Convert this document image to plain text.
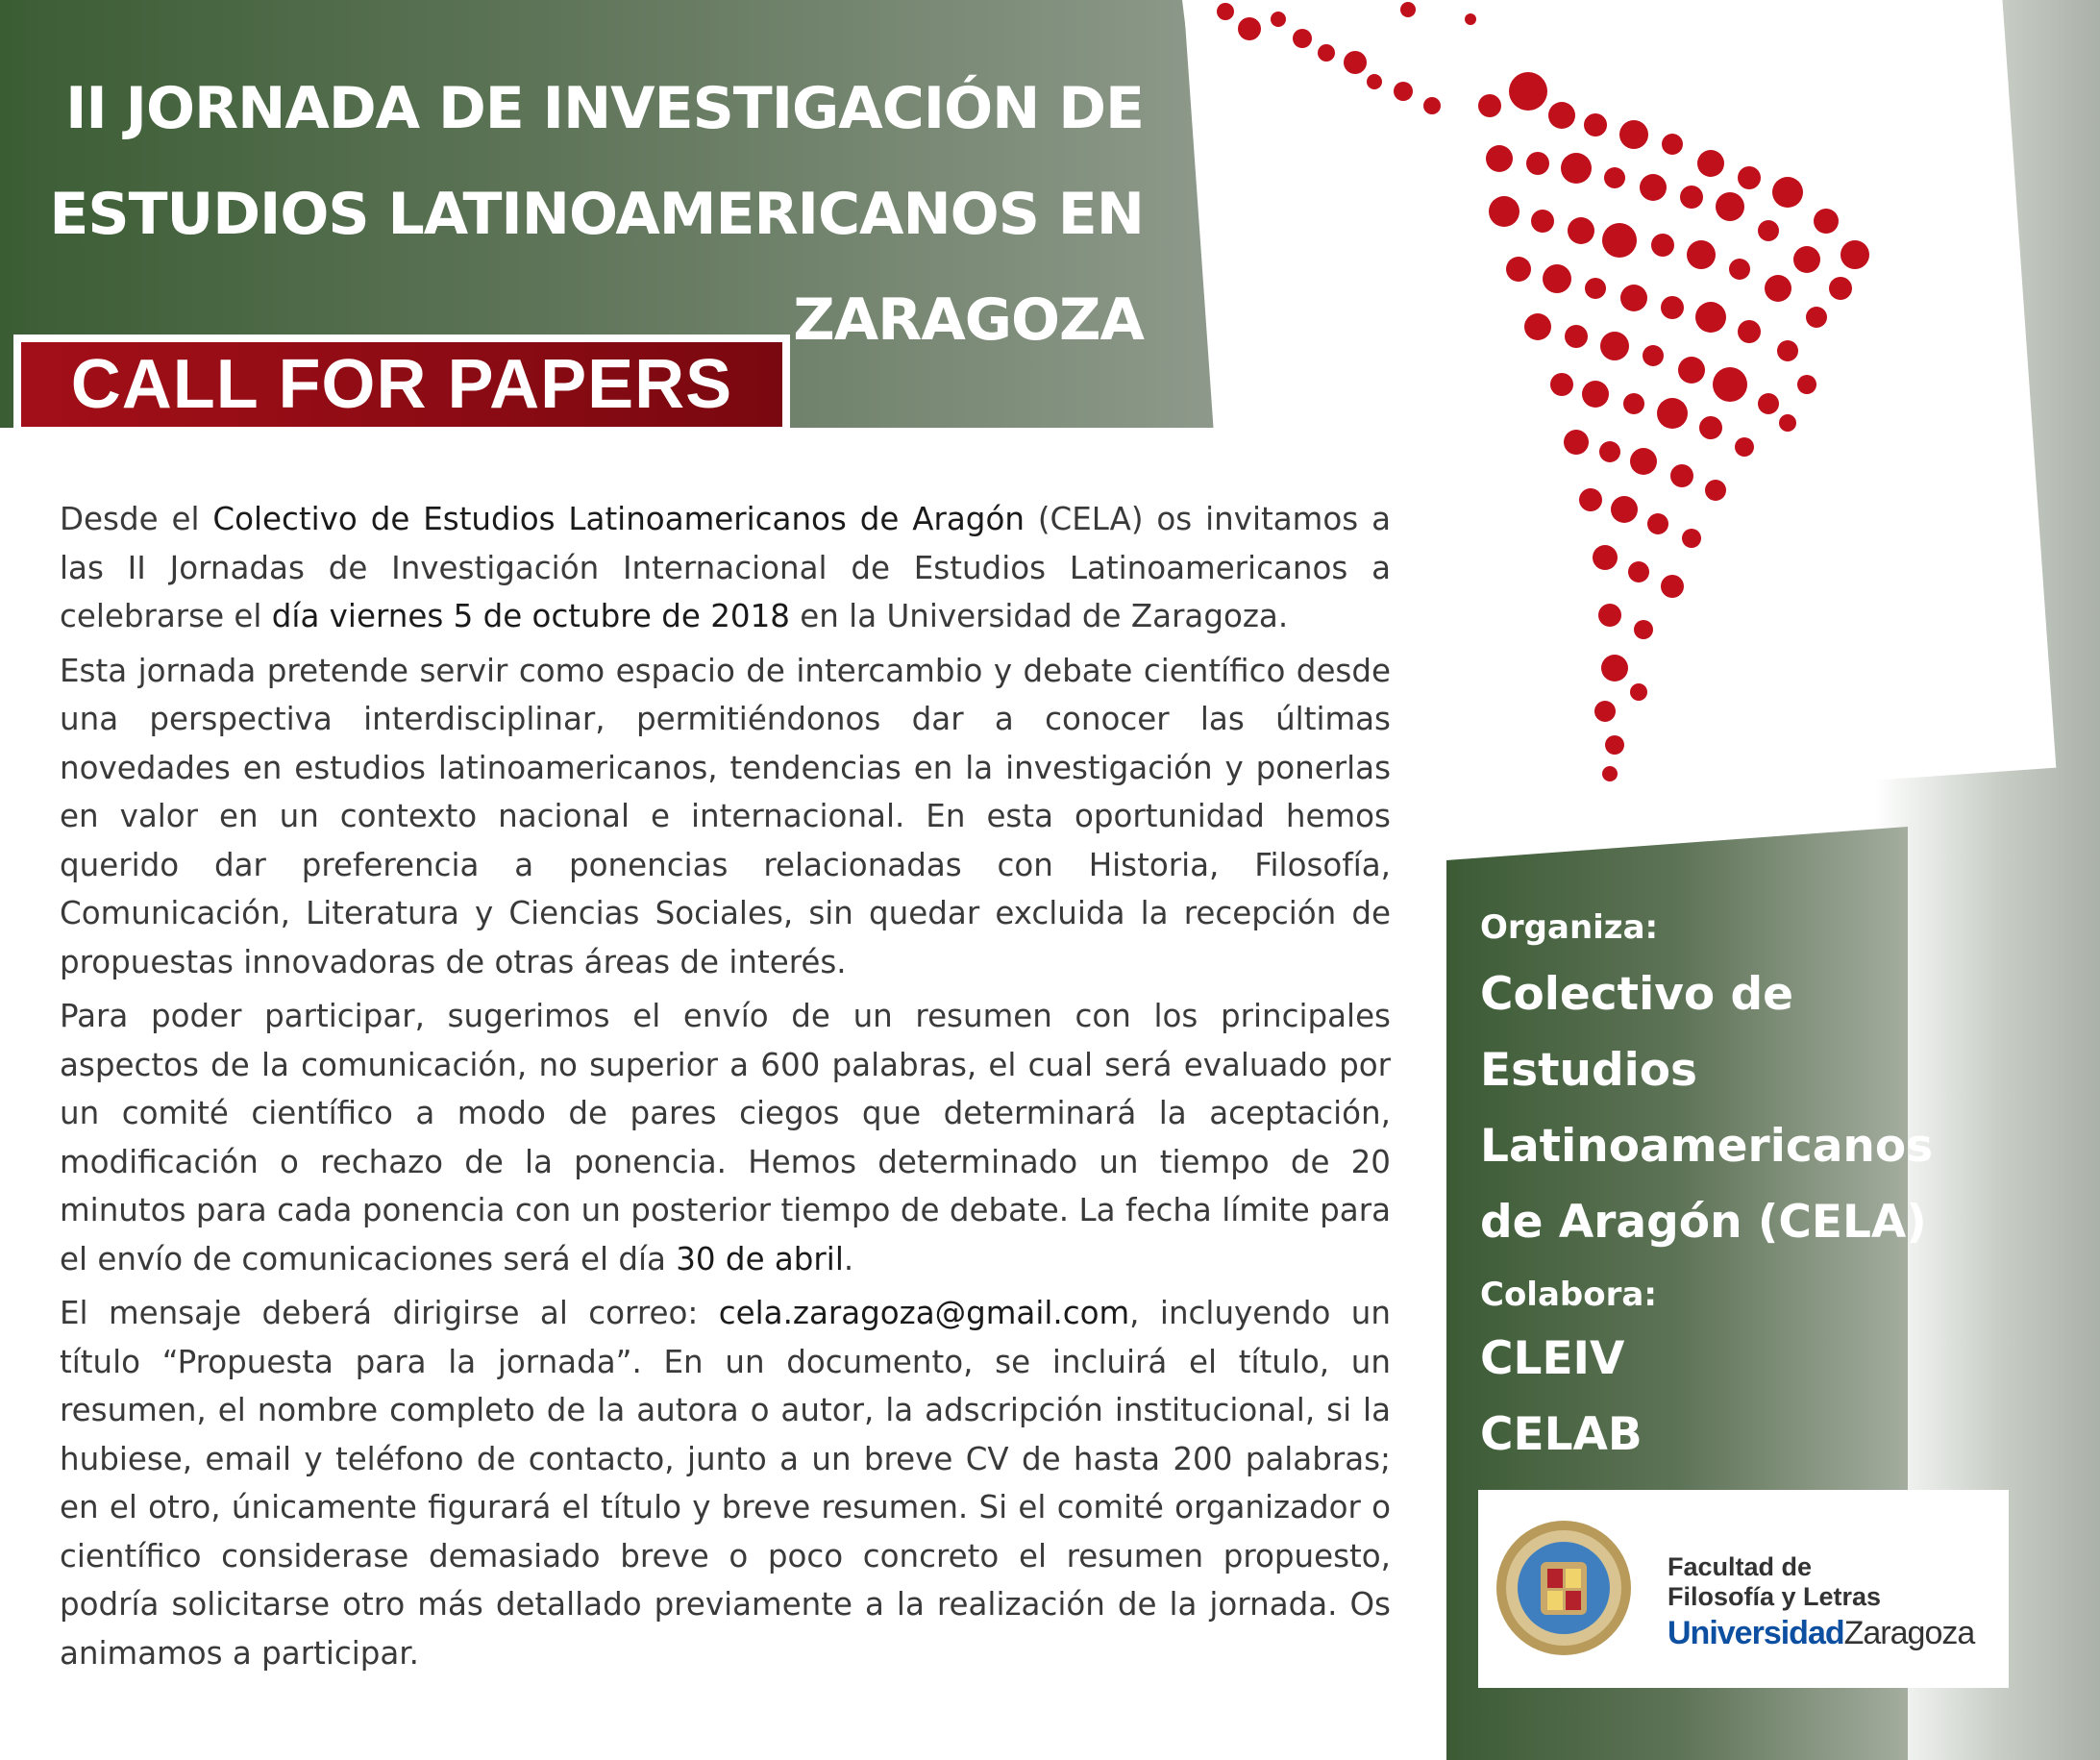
II JORNADA DE INVESTIGACIÓN DE
ESTUDIOS LATINOAMERICANOS EN
ZARAGOZA
CALL FOR PAPERS

Desde el Colectivo de Estudios Latinoamericanos de Aragón (CELA) os invitamos a las II Jornadas de Investigación Internacional de Estudios Latinoamericanos a celebrarse el día viernes 5 de octubre de 2018 en la Universidad de Zaragoza.

Esta jornada pretende servir como espacio de intercambio y debate científico desde una perspectiva interdisciplinar, permitiéndonos dar a conocer las últimas novedades en estudios latinoamericanos, tendencias en la investigación y ponerlas en valor en un contexto nacional e internacional. En esta oportunidad hemos querido dar preferencia a ponencias relacionadas con Historia, Filosofía, Comunicación, Literatura y Ciencias Sociales, sin quedar excluida la recepción de propuestas innovadoras de otras áreas de interés.

Para poder participar, sugerimos el envío de un resumen con los principales aspectos de la comunicación, no superior a 600 palabras, el cual será evaluado por un comité científico a modo de pares ciegos que determinará la aceptación, modificación o rechazo de la ponencia. Hemos determinado un tiempo de 20 minutos para cada ponencia con un posterior tiempo de debate. La fecha límite para el envío de comunicaciones será el día 30 de abril.

El mensaje deberá dirigirse al correo: cela.zaragoza@gmail.com, incluyendo un título “Propuesta para la jornada”. En un documento, se incluirá el título, un resumen, el nombre completo de la autora o autor, la adscripción institucional, si la hubiese, email y teléfono de contacto, junto a un breve CV de hasta 200 palabras; en el otro, únicamente figurará el título y breve resumen. Si el comité organizador o científico considerase demasiado breve o poco concreto el resumen propuesto, podría solicitarse otro más detallado previamente a la realización de la jornada. Os animamos a participar.

Organiza:
Colectivo de
Estudios
Latinoamericanos
de Aragón (CELA)
Colabora:
CLEIV
CELAB
Facultad de
Filosofía y Letras
UniversidadZaragoza
